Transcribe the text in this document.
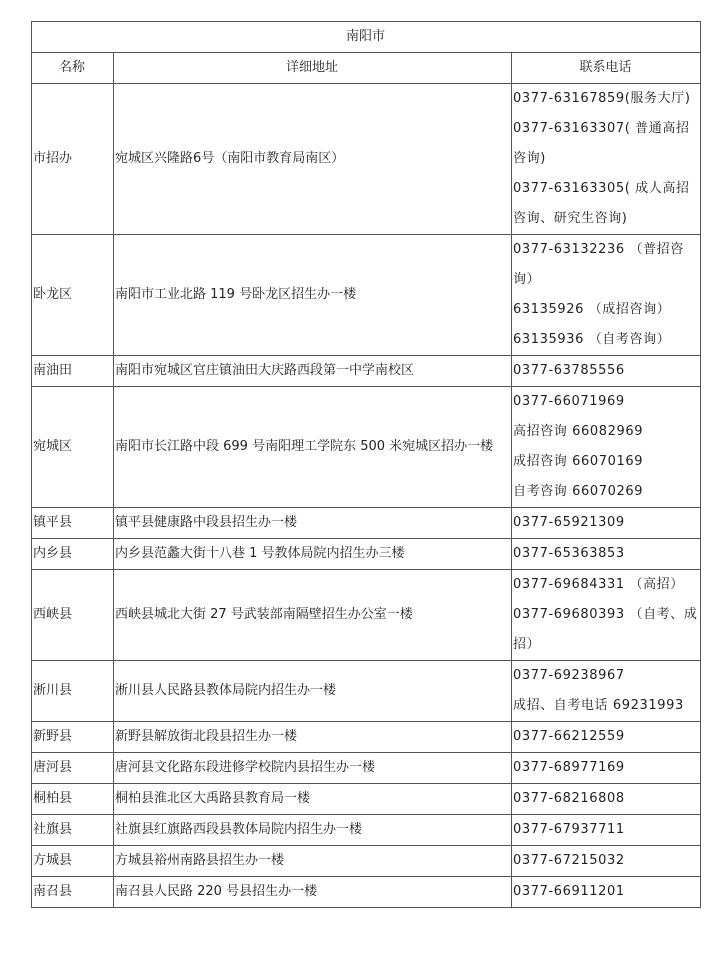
南阳市		
名称	详细地址	联系电话
市招办	宛城区兴隆路6号（南阳市教育局南区）	0377-63167859(服务大厅)
0377-63163307( 普通高招咨询)
0377-63163305( 成人高招咨询、研究生咨询)

卧龙区	南阳市工业北路 119 号卧龙区招生办一楼	0377-63132236 （普招咨询）
63135926 （成招咨询）
63135936 （自考咨询）

南油田	南阳市宛城区官庄镇油田大庆路西段第一中学南校区	0377-63785556

宛城区	南阳市长江路中段 699 号南阳理工学院东 500 米宛城区招办一楼	0377-66071969
高招咨询 66082969
成招咨询 66070169
自考咨询 66070269

镇平县	镇平县健康路中段县招生办一楼	0377-65921309

内乡县	内乡县范蠡大街十八巷 1 号教体局院内招生办三楼	0377-65363853

西峡县	西峡县城北大街 27 号武装部南隔壁招生办公室一楼	0377-69684331 （高招）
0377-69680393 （自考、成招）

淅川县	淅川县人民路县教体局院内招生办一楼	0377-69238967
成招、自考电话 69231993

新野县	新野县解放街北段县招生办一楼	0377-66212559

唐河县	唐河县文化路东段进修学校院内县招生办一楼	0377-68977169

桐柏县	桐柏县淮北区大禹路县教育局一楼	0377-68216808

社旗县	社旗县红旗路西段县教体局院内招生办一楼	0377-67937711

方城县	方城县裕州南路县招生办一楼	0377-67215032

南召县	南召县人民路 220 号县招生办一楼	0377-66911201
